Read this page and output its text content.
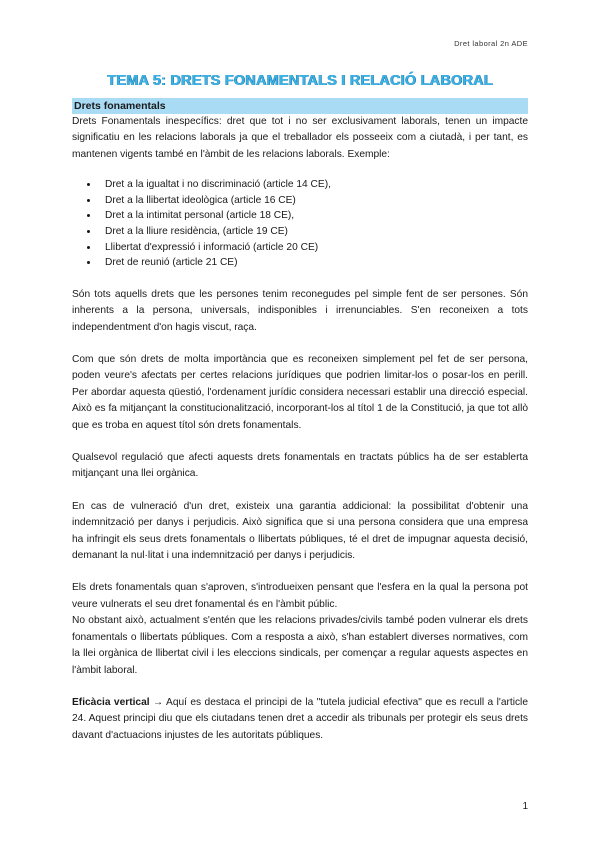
Dret laboral 2n ADE
TEMA 5: DRETS FONAMENTALS I RELACIÓ LABORAL
Drets fonamentals

Drets Fonamentals inespecífics: dret que tot i no ser exclusivament laborals, tenen un impacte significatiu en les relacions laborals ja que el treballador els posseeix com a ciutadà, i per tant, es mantenen vigents també en l'àmbit de les relacions laborals. Exemple:

• Dret a la igualtat i no discriminació (article 14 CE),
• Dret a la llibertat ideològica (article 16 CE)
• Dret a la intimitat personal (article 18 CE),
• Dret a la lliure residència, (article 19 CE)
• Llibertat d'expressió i informació (article 20 CE)
• Dret de reunió (article 21 CE)

Són tots aquells drets que les persones tenim reconegudes pel simple fent de ser persones. Són inherents a la persona, universals, indisponibles i irrenunciables. S'en reconeixen a tots independentment d'on hagis viscut, raça.

Com que són drets de molta importància que es reconeixen simplement pel fet de ser persona, poden veure's afectats per certes relacions jurídiques que podrien limitar-los o posar-los en perill. Per abordar aquesta qüestió, l'ordenament jurídic considera necessari establir una direcció especial. Això es fa mitjançant la constitucionalització, incorporant-los al títol 1 de la Constitució, ja que tot allò que es troba en aquest títol són drets fonamentals.

Qualsevol regulació que afecti aquests drets fonamentals en tractats públics ha de ser establerta mitjançant una llei orgànica.

En cas de vulneració d'un dret, existeix una garantia addicional: la possibilitat d'obtenir una indemnització per danys i perjudicis. Això significa que si una persona considera que una empresa ha infringit els seus drets fonamentals o llibertats públiques, té el dret de impugnar aquesta decisió, demanant la nul·litat i una indemnització per danys i perjudicis.

Els drets fonamentals quan s'aproven, s'introdueixen pensant que l'esfera en la qual la persona pot veure vulnerats el seu dret fonamental és en l'àmbit públic.

No obstant això, actualment s'entén que les relacions privades/civils també poden vulnerar els drets fonamentals o llibertats públiques. Com a resposta a això, s'han establert diverses normatives, com la llei orgànica de llibertat civil i les eleccions sindicals, per començar a regular aquests aspectes en l'àmbit laboral.

Eficàcia vertical → Aquí es destaca el principi de la "tutela judicial efectiva" que es recull a l'article 24. Aquest principi diu que els ciutadans tenen dret a accedir als tribunals per protegir els seus drets davant d'actuacions injustes de les autoritats públiques.

1
